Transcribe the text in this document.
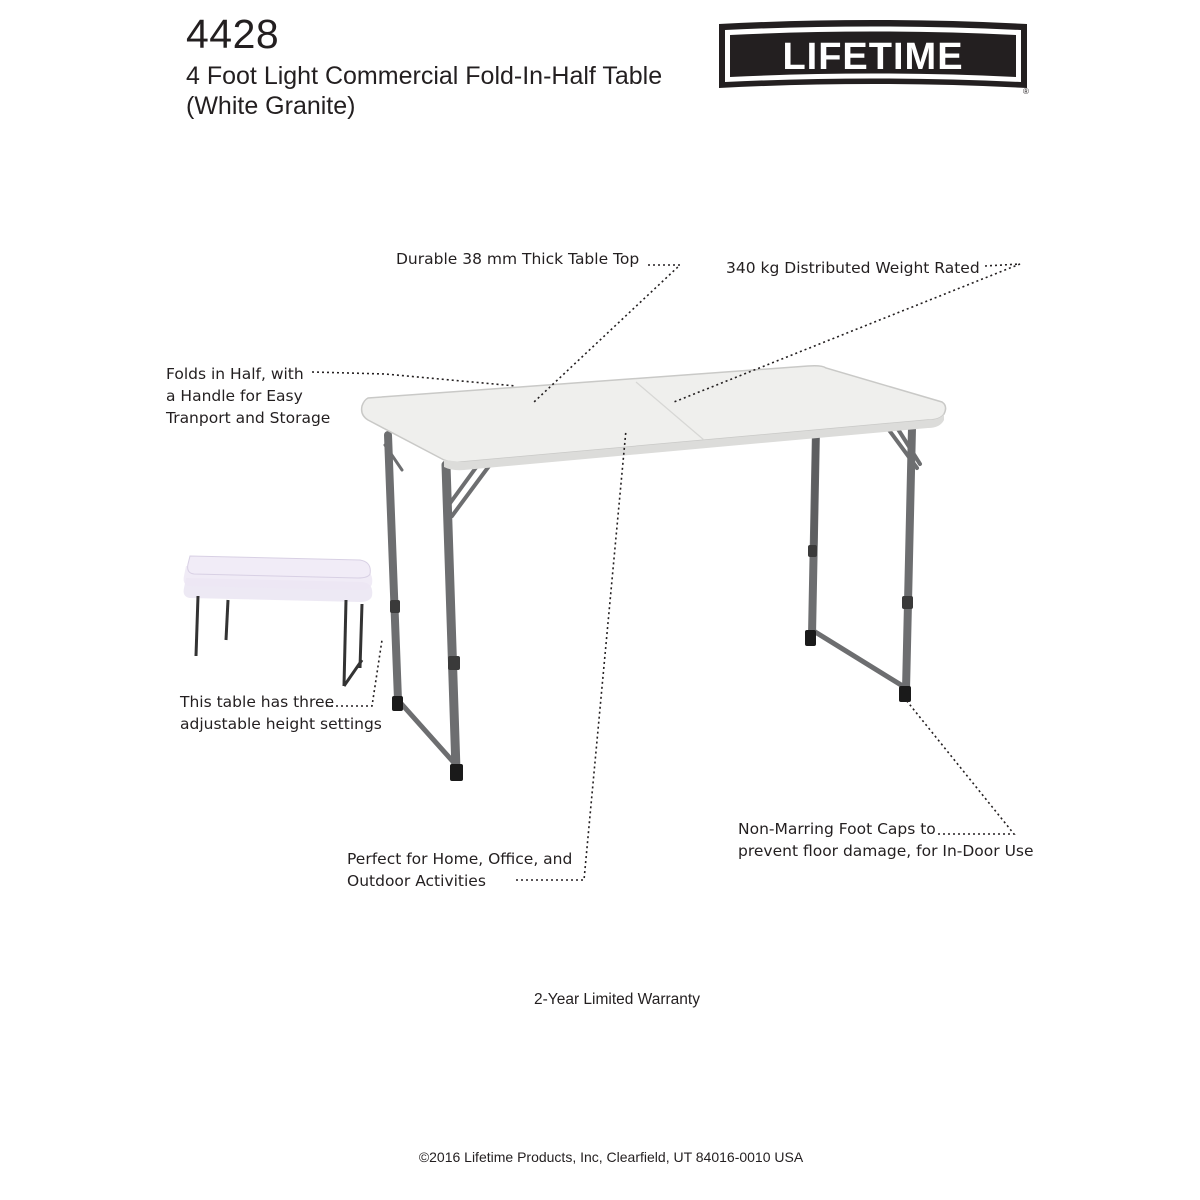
4428
4 Foot Light Commercial Fold-In-Half Table (White Granite)
LIFETIME
®
Durable 38 mm Thick Table Top	340 kg Distributed Weight Rated
Folds in Half, with
a Handle for Easy
Tranport and Storage
This table has three
adjustable height settings
Perfect for Home, Office, and
Outdoor Activities
Non-Marring Foot Caps to
prevent floor damage, for In-Door Use
2-Year Limited Warranty
©2016 Lifetime Products, Inc, Clearfield, UT 84016-0010 USA
